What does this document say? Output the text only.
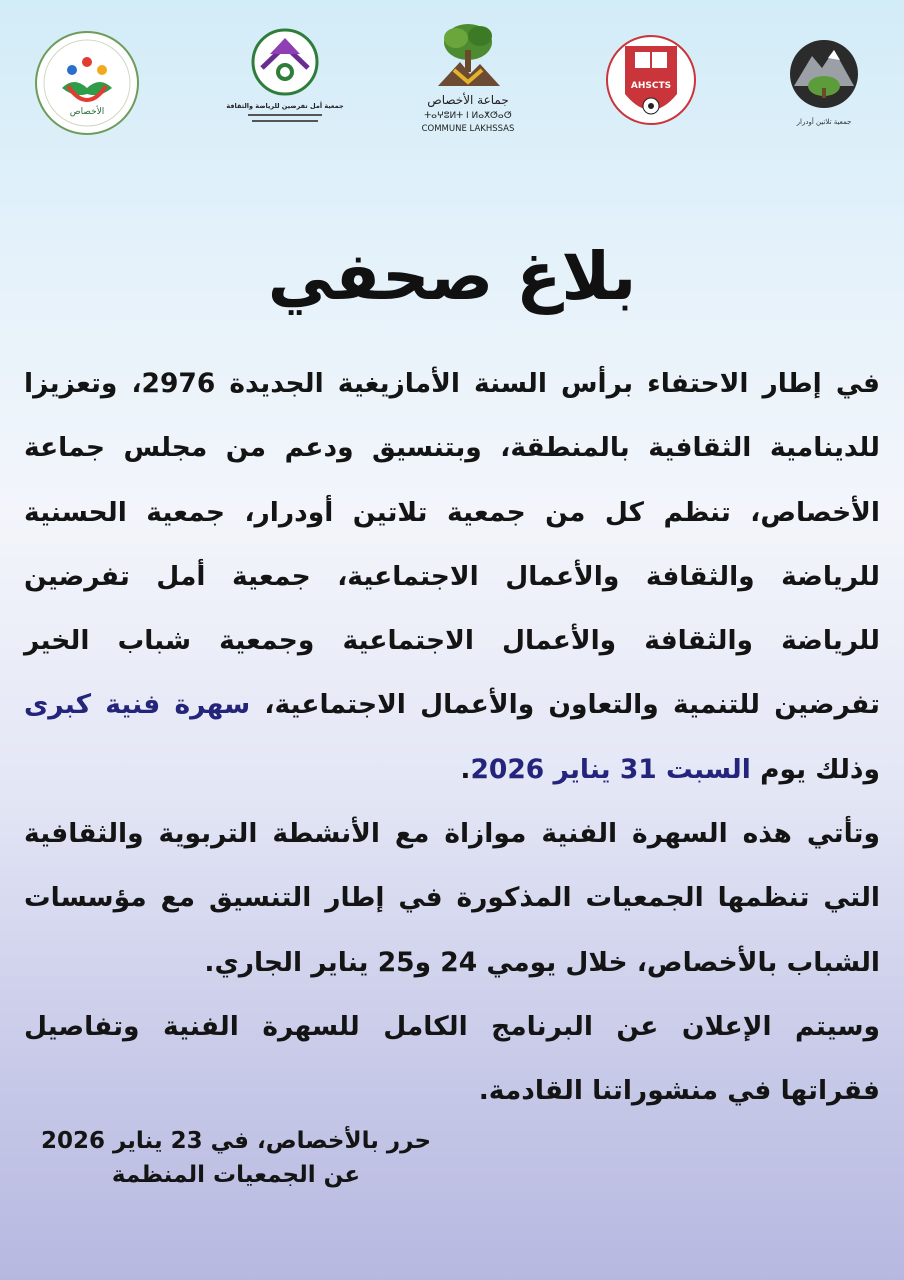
الأخصاص
جمعية أمل تفرضين للرياضة والثقافة	جماعة الأخصاص
ⵜⴰⵖⵓⵍⵜ ⵏ ⵍⴰⵅⵚⴰⵚ
COMMUNE LAKHSSAS
AHSCTS
جمعية تلاتين أودرار
بلاغ صحفي

في إطار الاحتفاء برأس السنة الأمازيغية الجديدة 2976، وتعزيزا للدينامية الثقافية بالمنطقة، وبتنسيق ودعم من مجلس جماعة الأخصاص، تنظم كل من جمعية تلاتين أودرار، جمعية الحسنية للرياضة والثقافة والأعمال الاجتماعية، جمعية أمل تفرضين للرياضة والثقافة والأعمال الاجتماعية وجمعية شباب الخير تفرضين للتنمية والتعاون والأعمال الاجتماعية، سهرة فنية كبرى وذلك يوم السبت 31 يناير 2026.

وتأتي هذه السهرة الفنية موازاة مع الأنشطة التربوية والثقافية التي تنظمها الجمعيات المذكورة في إطار التنسيق مع مؤسسات الشباب بالأخصاص، خلال يومي 24 و25 يناير الجاري.

وسيتم الإعلان عن البرنامج الكامل للسهرة الفنية وتفاصيل فقراتها في منشوراتنا القادمة.

حرر بالأخصاص، في 23 يناير 2026
عن الجمعيات المنظمة
